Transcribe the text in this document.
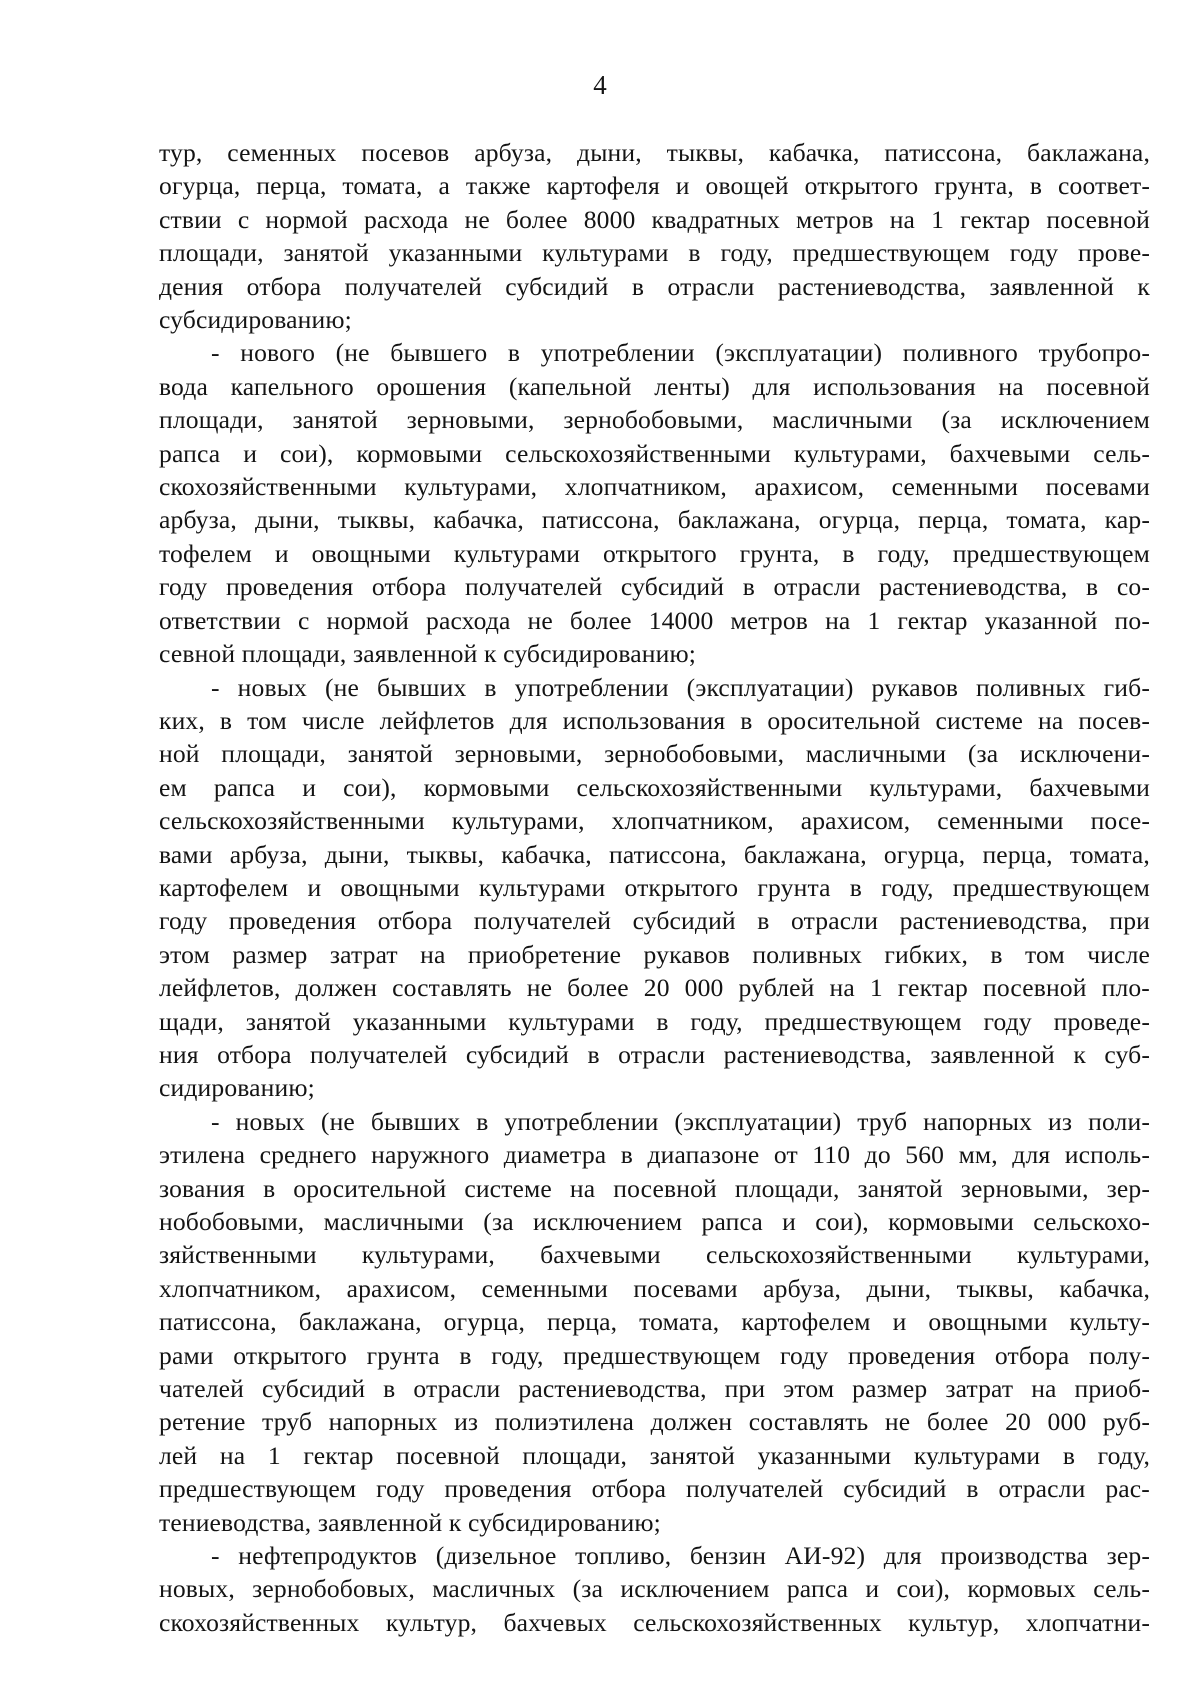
4

тур, семенных посевов арбуза, дыни, тыквы, кабачка, патиссона, баклажана,
огурца, перца, томата, а также картофеля и овощей открытого грунта, в соответ-
ствии с нормой расхода не более 8000 квадратных метров на 1 гектар посевной
площади, занятой указанными культурами в году, предшествующем году прове-
дения отбора получателей субсидий в отрасли растениеводства, заявленной к
субсидированию;

- нового (не бывшего в употреблении (эксплуатации) поливного трубопро-
вода капельного орошения (капельной ленты) для использования на посевной
площади, занятой зерновыми, зернобобовыми, масличными (за исключением
рапса и сои), кормовыми сельскохозяйственными культурами, бахчевыми сель-
скохозяйственными культурами, хлопчатником, арахисом, семенными посевами
арбуза, дыни, тыквы, кабачка, патиссона, баклажана, огурца, перца, томата, кар-
тофелем и овощными культурами открытого грунта, в году, предшествующем
году проведения отбора получателей субсидий в отрасли растениеводства, в со-
ответствии с нормой расхода не более 14000 метров на 1 гектар указанной по-
севной площади, заявленной к субсидированию;

- новых (не бывших в употреблении (эксплуатации) рукавов поливных гиб-
ких, в том числе лейфлетов для использования в оросительной системе на посев-
ной площади, занятой зерновыми, зернобобовыми, масличными (за исключени-
ем рапса и сои), кормовыми сельскохозяйственными культурами, бахчевыми
сельскохозяйственными культурами, хлопчатником, арахисом, семенными посе-
вами арбуза, дыни, тыквы, кабачка, патиссона, баклажана, огурца, перца, томата,
картофелем и овощными культурами открытого грунта в году, предшествующем
году проведения отбора получателей субсидий в отрасли растениеводства, при
этом размер затрат на приобретение рукавов поливных гибких, в том числе
лейфлетов, должен составлять не более 20 000 рублей на 1 гектар посевной пло-
щади, занятой указанными культурами в году, предшествующем году проведе-
ния отбора получателей субсидий в отрасли растениеводства, заявленной к суб-
сидированию;

- новых (не бывших в употреблении (эксплуатации) труб напорных из поли-
этилена среднего наружного диаметра в диапазоне от 110 до 560 мм, для исполь-
зования в оросительной системе на посевной площади, занятой зерновыми, зер-
нобобовыми, масличными (за исключением рапса и сои), кормовыми сельскохо-
зяйственными культурами, бахчевыми сельскохозяйственными культурами,
хлопчатником, арахисом, семенными посевами арбуза, дыни, тыквы, кабачка,
патиссона, баклажана, огурца, перца, томата, картофелем и овощными культу-
рами открытого грунта в году, предшествующем году проведения отбора полу-
чателей субсидий в отрасли растениеводства, при этом размер затрат на приоб-
ретение труб напорных из полиэтилена должен составлять не более 20 000 руб-
лей на 1 гектар посевной площади, занятой указанными культурами в году,
предшествующем году проведения отбора получателей субсидий в отрасли рас-
тениеводства, заявленной к субсидированию;

- нефтепродуктов (дизельное топливо, бензин АИ-92) для производства зер-
новых, зернобобовых, масличных (за исключением рапса и сои), кормовых сель-
скохозяйственных культур, бахчевых сельскохозяйственных культур, хлопчатни-
